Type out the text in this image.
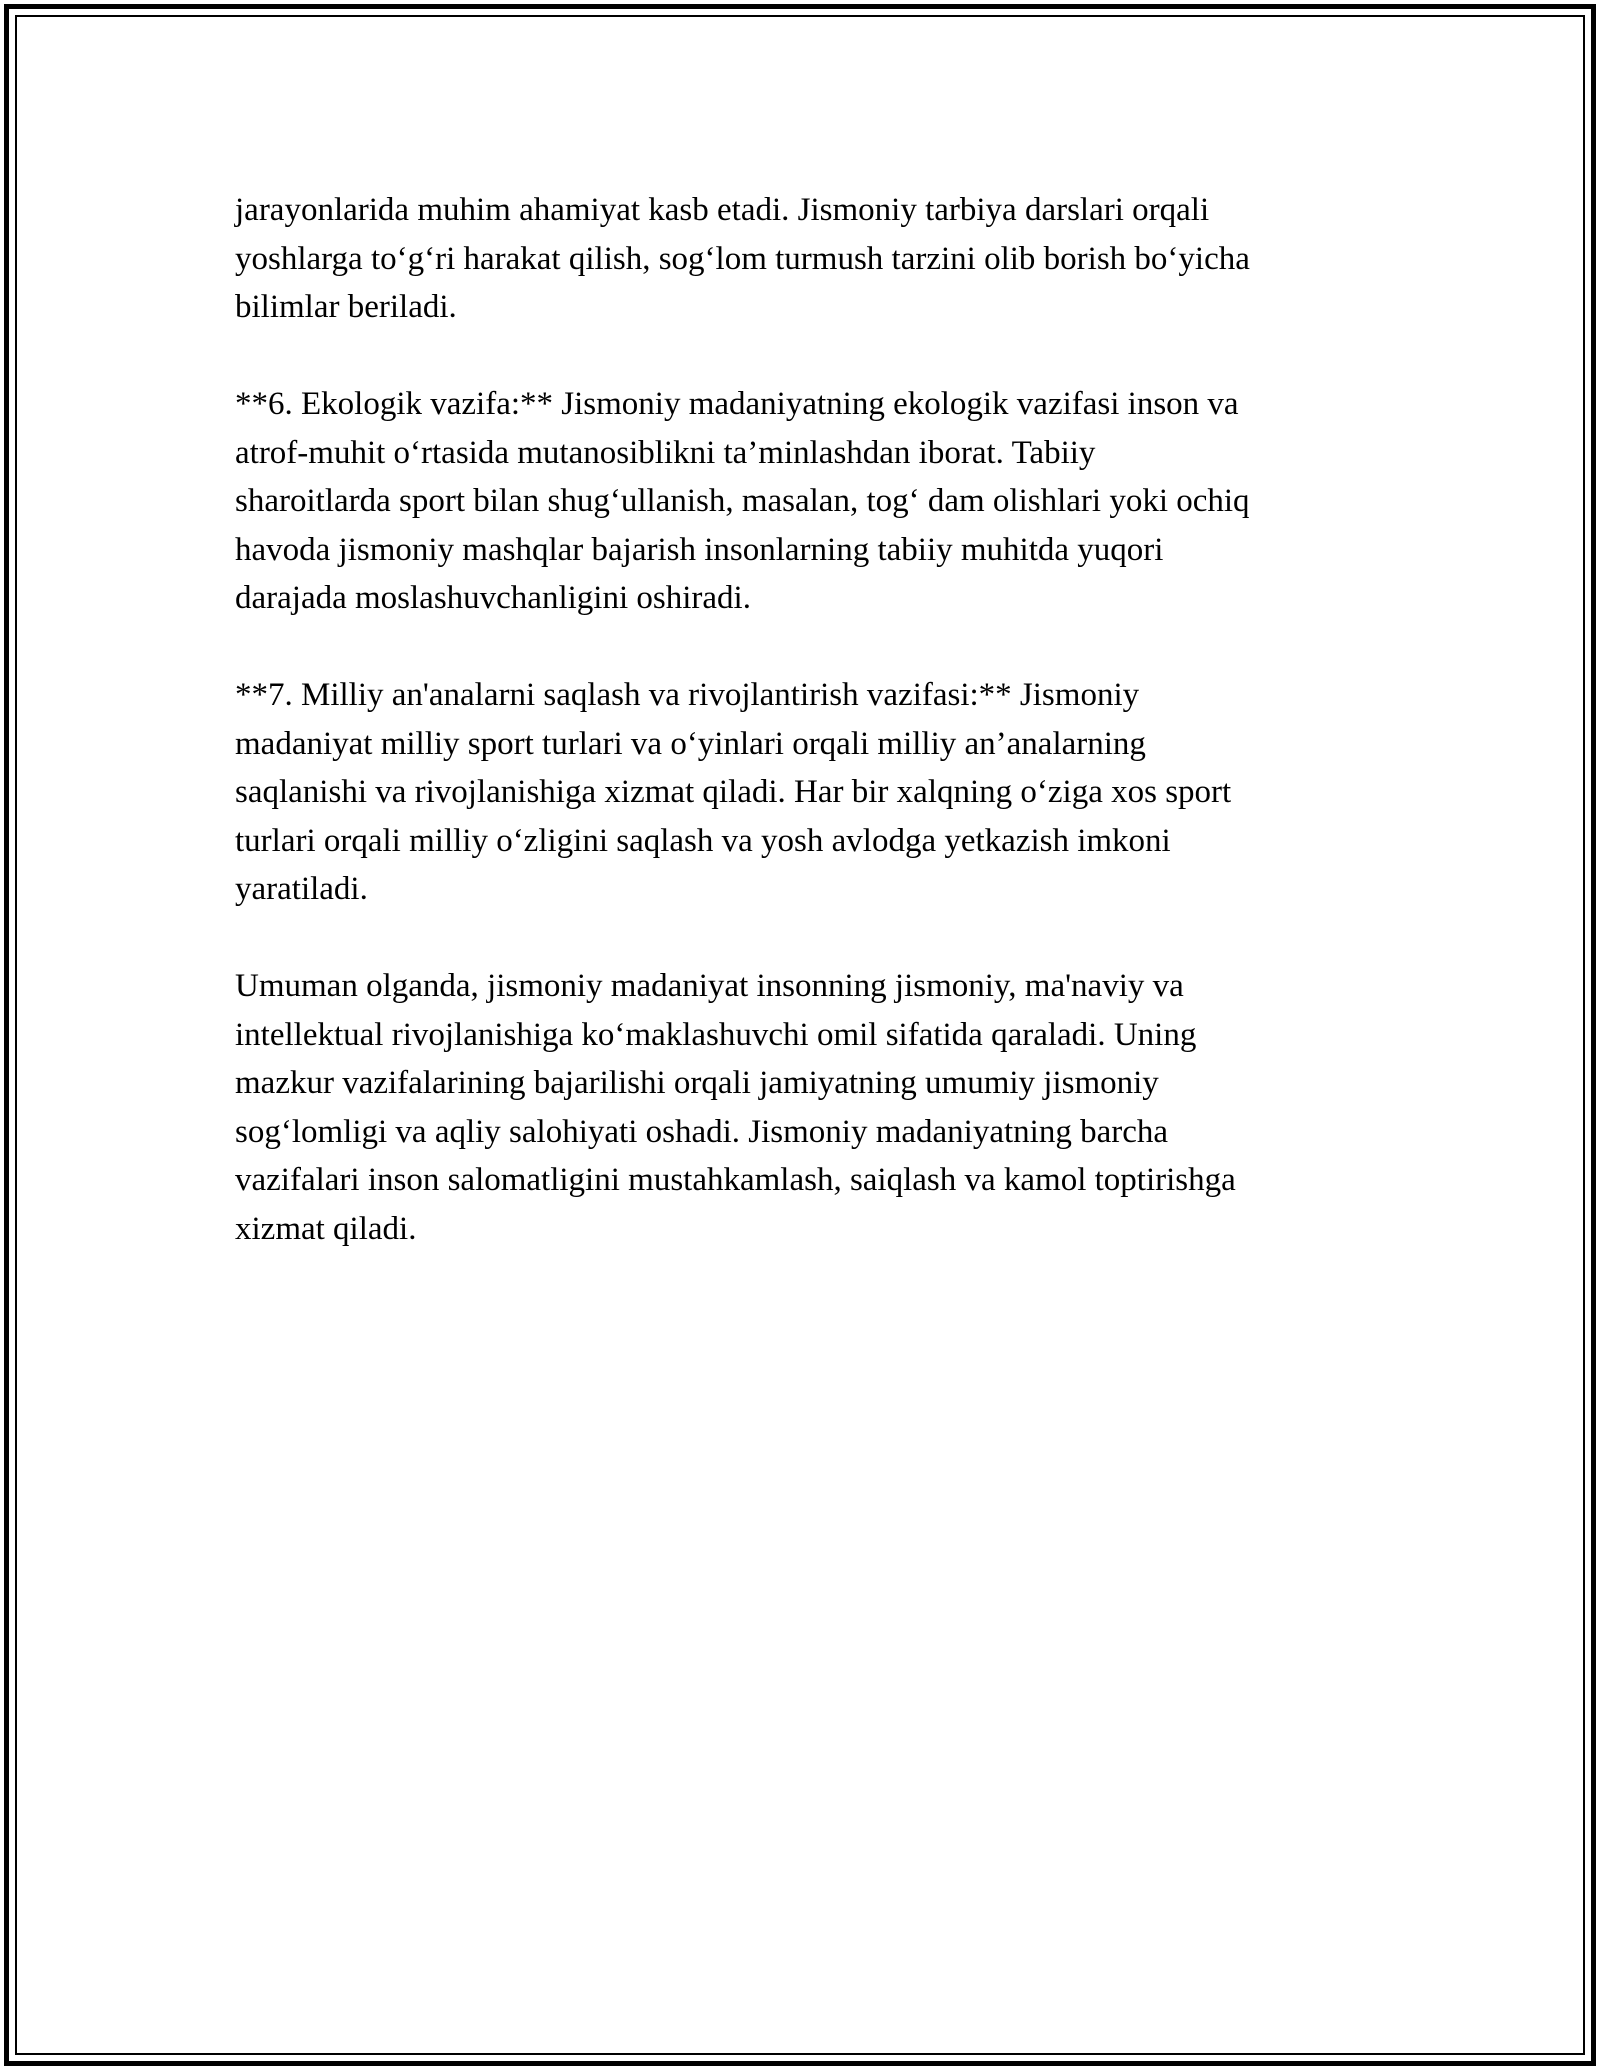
jarayonlarida muhim ahamiyat kasb etadi. Jismoniy tarbiya darslari orqali
yoshlarga to‘g‘ri harakat qilish, sog‘lom turmush tarzini olib borish bo‘yicha
bilimlar beriladi.

**6. Ekologik vazifa:** Jismoniy madaniyatning ekologik vazifasi inson va
atrof-muhit o‘rtasida mutanosiblikni ta’minlashdan iborat. Tabiiy
sharoitlarda sport bilan shug‘ullanish, masalan, tog‘ dam olishlari yoki ochiq
havoda jismoniy mashqlar bajarish insonlarning tabiiy muhitda yuqori
darajada moslashuvchanligini oshiradi.

**7. Milliy an'analarni saqlash va rivojlantirish vazifasi:** Jismoniy
madaniyat milliy sport turlari va o‘yinlari orqali milliy an’analarning
saqlanishi va rivojlanishiga xizmat qiladi. Har bir xalqning o‘ziga xos sport
turlari orqali milliy o‘zligini saqlash va yosh avlodga yetkazish imkoni
yaratiladi.

Umuman olganda, jismoniy madaniyat insonning jismoniy, ma'naviy va
intellektual rivojlanishiga ko‘maklashuvchi omil sifatida qaraladi. Uning
mazkur vazifalarining bajarilishi orqali jamiyatning umumiy jismoniy
sog‘lomligi va aqliy salohiyati oshadi. Jismoniy madaniyatning barcha
vazifalari inson salomatligini mustahkamlash, saiqlash va kamol toptirishga
xizmat qiladi.
